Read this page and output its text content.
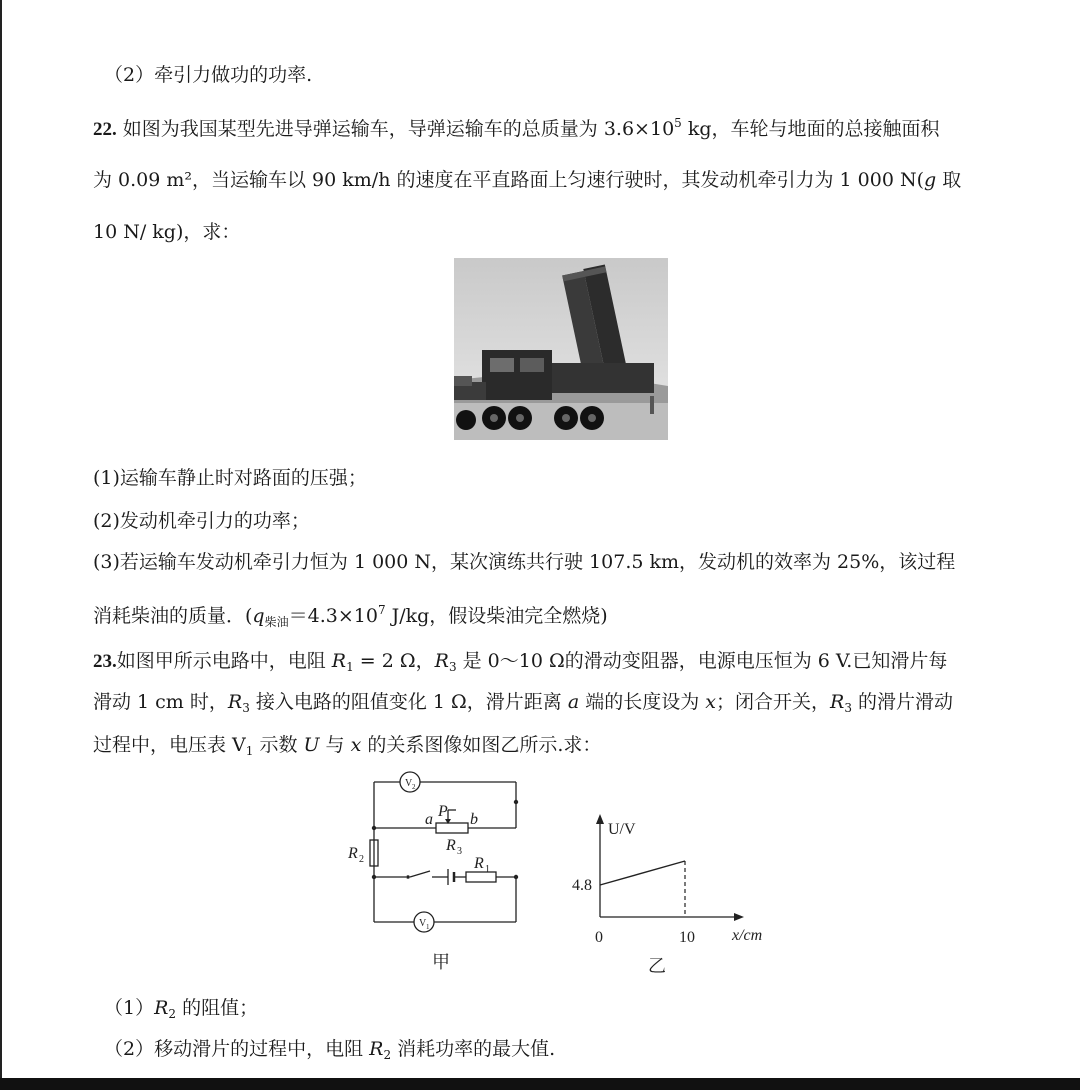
（2）牵引力做功的功率.
22. 如图为我国某型先进导弹运输车，导弹运输车的总质量为 $3.6\times 10^5$ kg，车轮与地面的总接触面积
为 0.09 m²，当运输车以 90 km/h 的速度在平直路面上匀速行驶时，其发动机牵引力为 1 000 N(g 取
10 N/ kg)，求：
(1)运输车静止时对路面的压强；
(2)发动机牵引力的功率；
(3)若运输车发动机牵引力恒为 1 000 N，某次演练共行驶 107.5 km，发动机的效率为 25%，该过程
消耗柴油的质量．($q_{柴油}=4.3\times 10^7$ J/kg，假设柴油完全燃烧)
23.如图甲所示电路中，电阻 $R_1 = 2$ Ω，$R_3$ 是 0～10 Ω的滑动变阻器，电源电压恒为 6 V.已知滑片每
滑动 1 cm 时，$R_3$ 接入电路的阻值变化 1 Ω，滑片距离 a 端的长度设为 x；闭合开关，$R_3$ 的滑片滑动
过程中，电压表 $V_1$ 示数 U 与 x 的关系图像如图乙所示.求：
V 2
V 1
a P b
R 3
R 2	R 1
甲
U/V
x/cm
4.8
0	10
乙
$(1)R_2$ 的阻值；
（2）移动滑片的过程中，电阻 $R_2$ 消耗功率的最大值.
